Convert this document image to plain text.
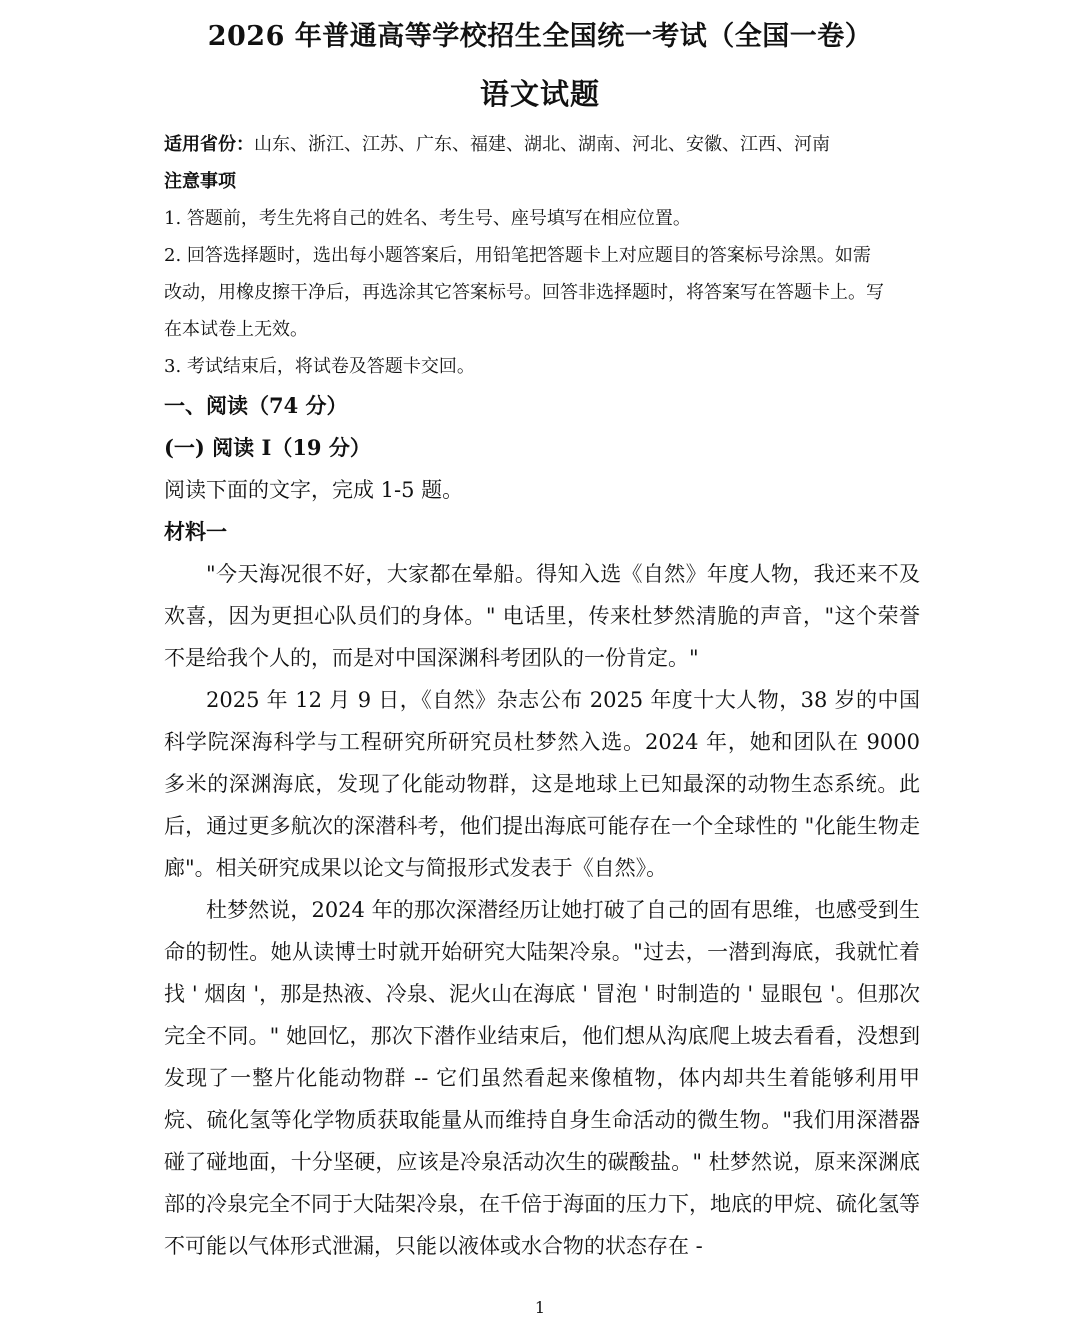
2026 年普通高等学校招生全国统一考试（全国一卷）
语文试题
适用省份：山东、浙江、江苏、广东、福建、湖北、湖南、河北、安徽、江西、河南
注意事项
1. 答题前，考生先将自己的姓名、考生号、座号填写在相应位置。
2. 回答选择题时，选出每小题答案后，用铅笔把答题卡上对应题目的答案标号涂黑。如需
改动，用橡皮擦干净后，再选涂其它答案标号。回答非选择题时，将答案写在答题卡上。写
在本试卷上无效。
3. 考试结束后，将试卷及答题卡交回。
一、阅读（74 分）
(一) 阅读 I（19 分）
阅读下面的文字，完成 1-5 题。
材料一

"今天海况很不好，大家都在晕船。得知入选《自然》年度人物，我还来不及欢喜，因为更担心队员们的身体。" 电话里，传来杜梦然清脆的声音，"这个荣誉不是给我个人的，而是对中国深渊科考团队的一份肯定。"

2025 年 12 月 9 日，《自然》杂志公布 2025 年度十大人物，38 岁的中国科学院深海科学与工程研究所研究员杜梦然入选。2024 年，她和团队在 9000 多米的深渊海底，发现了化能动物群，这是地球上已知最深的动物生态系统。此后，通过更多航次的深潜科考，他们提出海底可能存在一个全球性的 "化能生物走廊"。相关研究成果以论文与简报形式发表于《自然》。

杜梦然说，2024 年的那次深潜经历让她打破了自己的固有思维，也感受到生命的韧性。她从读博士时就开始研究大陆架冷泉。"过去，一潜到海底，我就忙着找 ' 烟囱 '，那是热液、冷泉、泥火山在海底 ' 冒泡 ' 时制造的 ' 显眼包 '。但那次完全不同。" 她回忆，那次下潜作业结束后，他们想从沟底爬上坡去看看，没想到发现了一整片化能动物群 -- 它们虽然看起来像植物，体内却共生着能够利用甲烷、硫化氢等化学物质获取能量从而维持自身生命活动的微生物。"我们用深潜器碰了碰地面，十分坚硬，应该是冷泉活动次生的碳酸盐。" 杜梦然说，原来深渊底部的冷泉完全不同于大陆架冷泉，在千倍于海面的压力下，地底的甲烷、硫化氢等不可能以气体形式泄漏，只能以液体或水合物的状态存在 -

1
